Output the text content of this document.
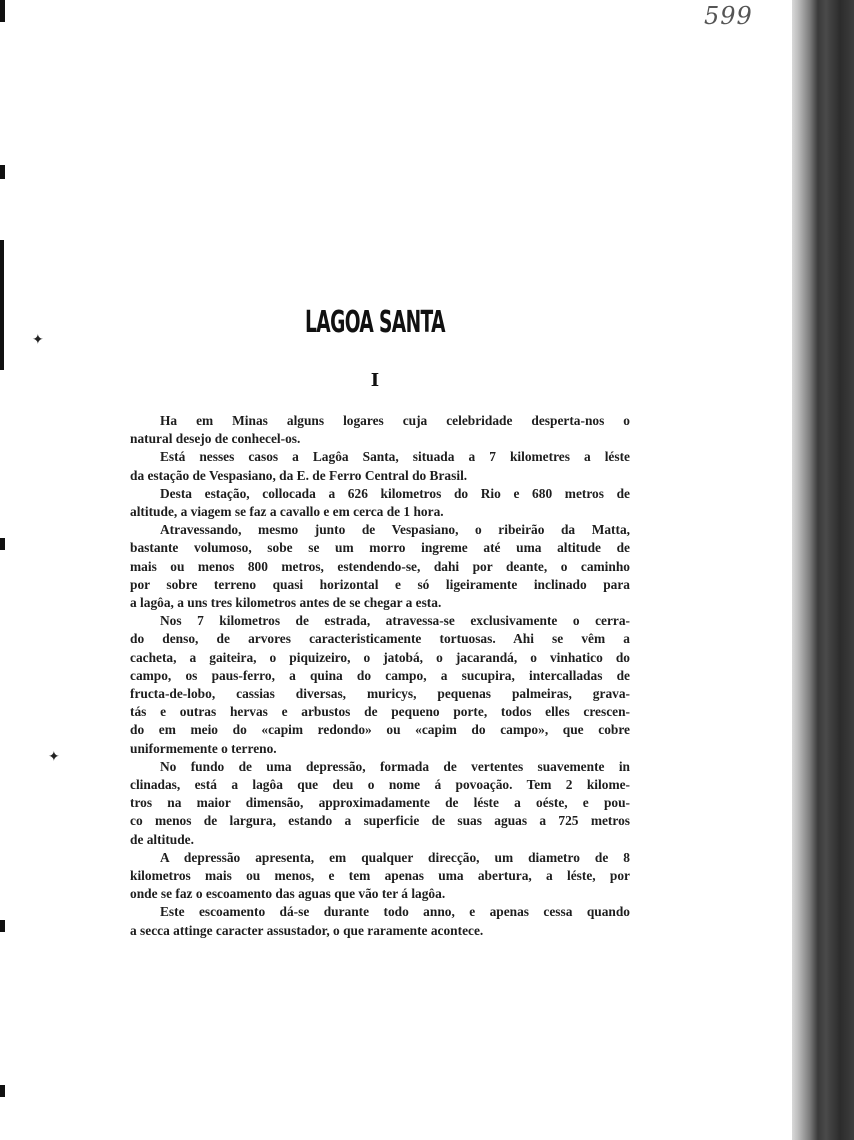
599
✦
✦
LAGOA SANTA
I
Ha em Minas alguns logares cuja celebridade desperta-nos o
natural desejo de conhecel-os.
Está nesses casos a Lagôa Santa, situada a 7 kilometres a léste
da estação de Vespasiano, da E. de Ferro Central do Brasil.
Desta estação, collocada a 626 kilometros do Rio e 680 metros de
altitude, a viagem se faz a cavallo e em cerca de 1 hora.
Atravessando, mesmo junto de Vespasiano, o ribeirão da Matta,
bastante volumoso, sobe se um morro ingreme até uma altitude de
mais ou menos 800 metros, estendendo-se, dahi por deante, o caminho
por sobre terreno quasi horizontal e só ligeiramente inclinado para
a lagôa, a uns tres kilometros antes de se chegar a esta.
Nos 7 kilometros de estrada, atravessa-se exclusivamente o cerra-
do denso, de arvores caracteristicamente tortuosas. Ahi se vêm a
cacheta, a gaiteira, o piquizeiro, o jatobá, o jacarandá, o vinhatico do
campo, os paus-ferro, a quina do campo, a sucupira, intercalladas de
fructa-de-lobo, cassias diversas, muricys, pequenas palmeiras, grava-
tás e outras hervas e arbustos de pequeno porte, todos elles crescen-
do em meio do «capim redondo» ou «capim do campo», que cobre
uniformemente o terreno.
No fundo de uma depressão, formada de vertentes suavemente in
clinadas, está a lagôa que deu o nome á povoação. Tem 2 kilome-
tros na maior dimensão, approximadamente de léste a oéste, e pou-
co menos de largura, estando a superficie de suas aguas a 725 metros
de altitude.
A depressão apresenta, em qualquer direcção, um diametro de 8
kilometros mais ou menos, e tem apenas uma abertura, a léste, por
onde se faz o escoamento das aguas que vão ter á lagôa.
Este escoamento dá-se durante todo anno, e apenas cessa quando
a secca attinge caracter assustador, o que raramente acontece.
